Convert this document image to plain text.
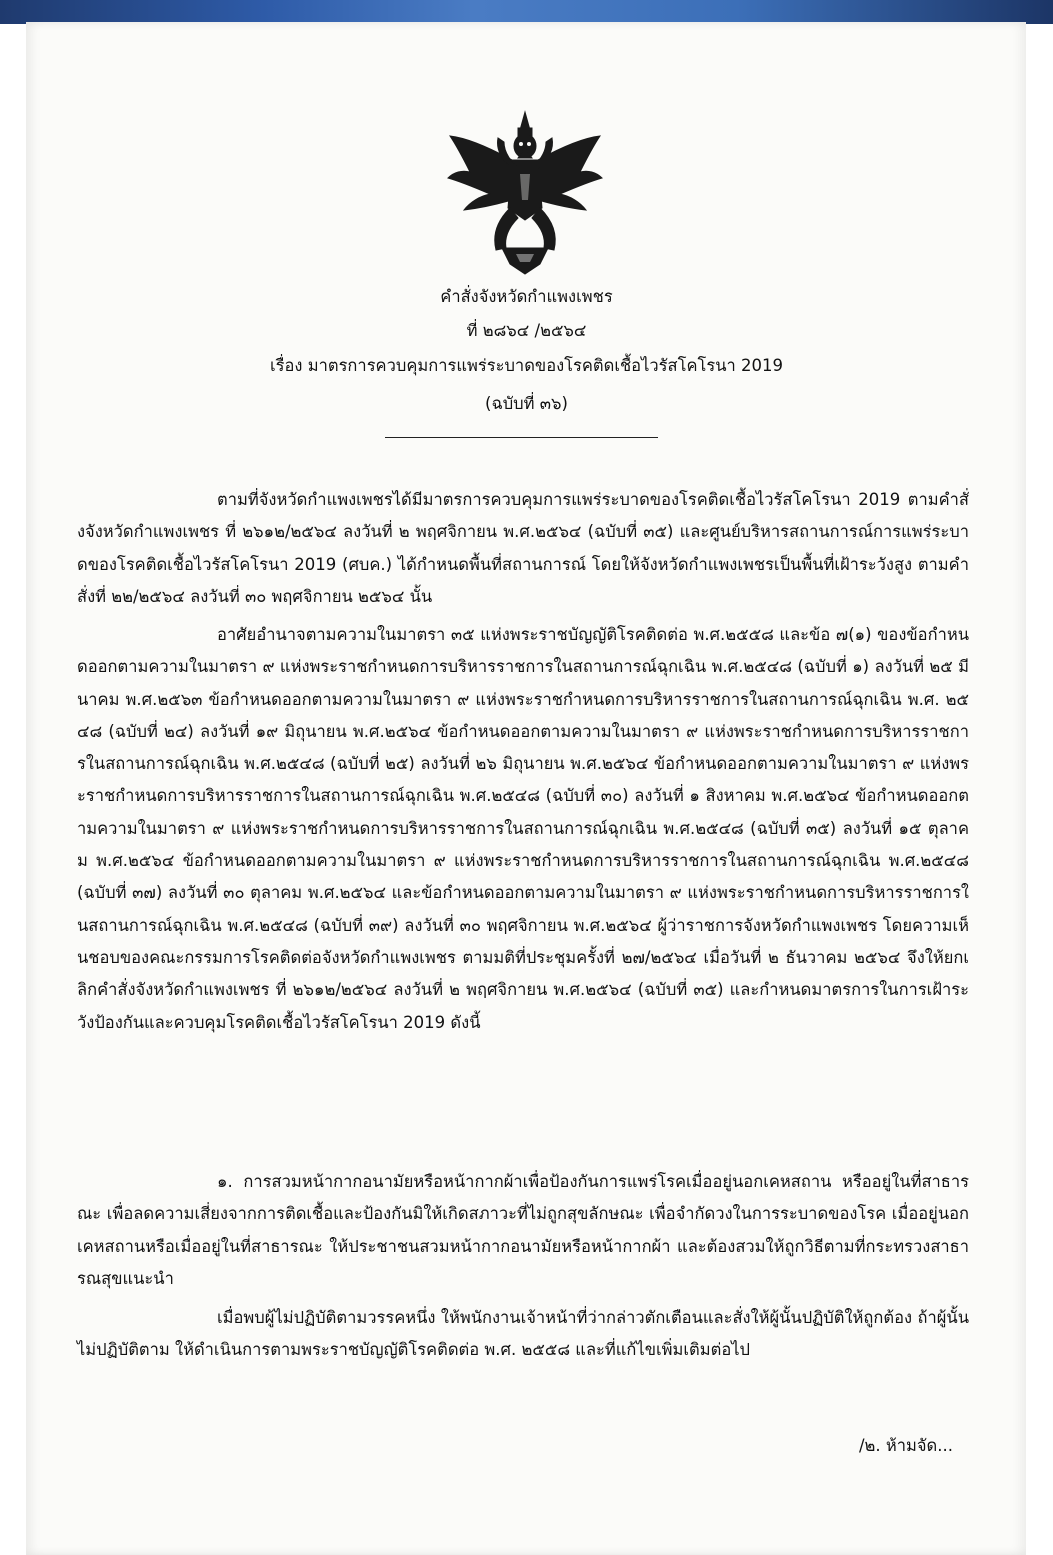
คำสั่งจังหวัดกำแพงเพชร
ที่ ๒๘๖๔ /๒๕๖๔
เรื่อง มาตรการควบคุมการแพร่ระบาดของโรคติดเชื้อไวรัสโคโรนา 2019
(ฉบับที่ ๓๖)
ตามที่จังหวัดกำแพงเพชรได้มีมาตรการควบคุมการแพร่ระบาดของโรคติดเชื้อไวรัสโคโรนา 2019 ตามคำสั่งจังหวัดกำแพงเพชร ที่ ๒๖๑๒/๒๕๖๔ ลงวันที่ ๒ พฤศจิกายน พ.ศ.๒๕๖๔ (ฉบับที่ ๓๕) และศูนย์บริหารสถานการณ์การแพร่ระบาดของโรคติดเชื้อไวรัสโคโรนา 2019 (ศบค.) ได้กำหนดพื้นที่สถานการณ์ โดยให้จังหวัดกำแพงเพชรเป็นพื้นที่เฝ้าระวังสูง ตามคำสั่งที่ ๒๒/๒๕๖๔ ลงวันที่ ๓๐ พฤศจิกายน ๒๕๖๔ นั้น
อาศัยอำนาจตามความในมาตรา ๓๕ แห่งพระราชบัญญัติโรคติดต่อ พ.ศ.๒๕๕๘ และข้อ ๗(๑) ของข้อกำหนดออกตามความในมาตรา ๙ แห่งพระราชกำหนดการบริหารราชการในสถานการณ์ฉุกเฉิน พ.ศ.๒๕๔๘ (ฉบับที่ ๑) ลงวันที่ ๒๕ มีนาคม พ.ศ.๒๕๖๓ ข้อกำหนดออกตามความในมาตรา ๙ แห่งพระราชกำหนดการบริหารราชการในสถานการณ์ฉุกเฉิน พ.ศ. ๒๕๔๘ (ฉบับที่ ๒๔) ลงวันที่ ๑๙ มิถุนายน พ.ศ.๒๕๖๔ ข้อกำหนดออกตามความในมาตรา ๙ แห่งพระราชกำหนดการบริหารราชการในสถานการณ์ฉุกเฉิน พ.ศ.๒๕๔๘ (ฉบับที่ ๒๕) ลงวันที่ ๒๖ มิถุนายน พ.ศ.๒๕๖๔ ข้อกำหนดออกตามความในมาตรา ๙ แห่งพระราชกำหนดการบริหารราชการในสถานการณ์ฉุกเฉิน พ.ศ.๒๕๔๘ (ฉบับที่ ๓๐) ลงวันที่ ๑ สิงหาคม พ.ศ.๒๕๖๔ ข้อกำหนดออกตามความในมาตรา ๙ แห่งพระราชกำหนดการบริหารราชการในสถานการณ์ฉุกเฉิน พ.ศ.๒๕๔๘ (ฉบับที่ ๓๕) ลงวันที่ ๑๕ ตุลาคม พ.ศ.๒๕๖๔ ข้อกำหนดออกตามความในมาตรา ๙ แห่งพระราชกำหนดการบริหารราชการในสถานการณ์ฉุกเฉิน พ.ศ.๒๕๔๘ (ฉบับที่ ๓๗) ลงวันที่ ๓๐ ตุลาคม พ.ศ.๒๕๖๔ และข้อกำหนดออกตามความในมาตรา ๙ แห่งพระราชกำหนดการบริหารราชการในสถานการณ์ฉุกเฉิน พ.ศ.๒๕๔๘ (ฉบับที่ ๓๙) ลงวันที่ ๓๐ พฤศจิกายน พ.ศ.๒๕๖๔ ผู้ว่าราชการจังหวัดกำแพงเพชร โดยความเห็นชอบของคณะกรรมการโรคติดต่อจังหวัดกำแพงเพชร ตามมติที่ประชุมครั้งที่ ๒๗/๒๕๖๔ เมื่อวันที่ ๒ ธันวาคม ๒๕๖๔ จึงให้ยกเลิกคำสั่งจังหวัดกำแพงเพชร ที่ ๒๖๑๒/๒๕๖๔ ลงวันที่ ๒ พฤศจิกายน พ.ศ.๒๕๖๔ (ฉบับที่ ๓๕) และกำหนดมาตรการในการเฝ้าระวังป้องกันและควบคุมโรคติดเชื้อไวรัสโคโรนา 2019 ดังนี้
๑. การสวมหน้ากากอนามัยหรือหน้ากากผ้าเพื่อป้องกันการแพร่โรคเมื่ออยู่นอกเคหสถาน หรืออยู่ในที่สาธารณะ เพื่อลดความเสี่ยงจากการติดเชื้อและป้องกันมิให้เกิดสภาวะที่ไม่ถูกสุขลักษณะ เพื่อจำกัดวงในการระบาดของโรค เมื่ออยู่นอกเคหสถานหรือเมื่ออยู่ในที่สาธารณะ ให้ประชาชนสวมหน้ากากอนามัยหรือหน้ากากผ้า และต้องสวมให้ถูกวิธีตามที่กระทรวงสาธารณสุขแนะนำ
เมื่อพบผู้ไม่ปฏิบัติตามวรรคหนึ่ง ให้พนักงานเจ้าหน้าที่ว่ากล่าวตักเตือนและสั่งให้ผู้นั้นปฏิบัติให้ถูกต้อง ถ้าผู้นั้นไม่ปฏิบัติตาม ให้ดำเนินการตามพระราชบัญญัติโรคติดต่อ พ.ศ. ๒๕๕๘ และที่แก้ไขเพิ่มเติมต่อไป
/๒. ห้ามจัด...
